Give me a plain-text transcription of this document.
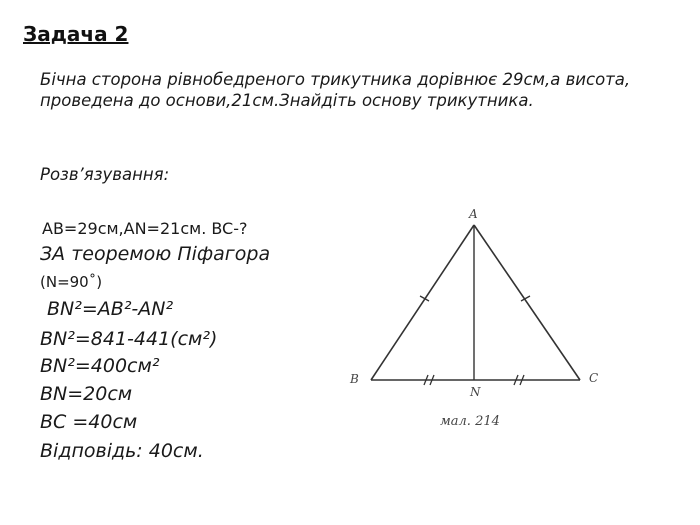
Задача 2
Бічна сторона рівнобедреного трикутника дорівнює 29см,а висота, проведена до основи,21см.Знайдіть основу трикутника.
Розв’язування:
AB=29см,AN=21см. BC-?
ЗА теоремою Піфагора
(N=90˚)
BN²=AB²-AN²
BN²=841-441(см²)
BN²=400см²
BN=20см
BC =40см
Відповідь: 40см.
A
B	C
N
мал. 214
